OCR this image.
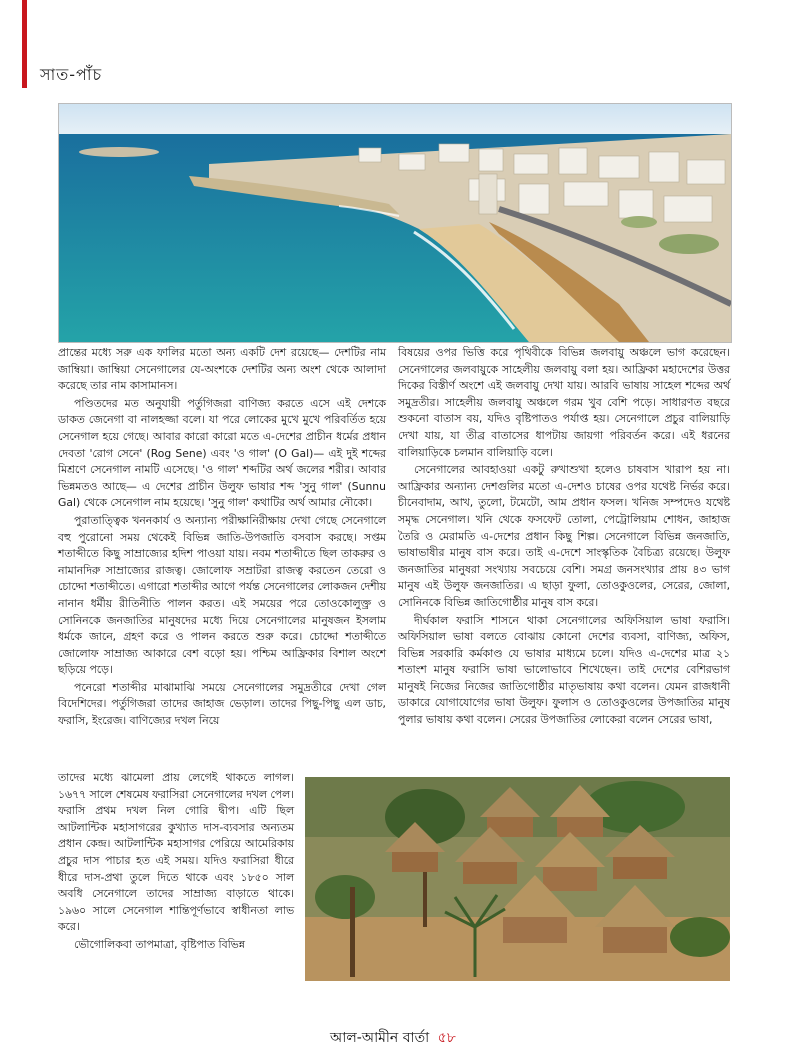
সাত-পাঁচ

প্রান্তের মধ্যে সরু এক ফালির মতো অন্য একটি দেশ রয়েছে— দেশটির নাম জাম্বিয়া। জাম্বিয়া সেনেগালের যে-অংশকে দেশটির অন্য অংশ থেকে আলাদা করেছে তার নাম কাসামানস।

পণ্ডিতদের মত অনুযায়ী পর্তুগিজরা বাণিজ্য করতে এসে এই দেশকে ডাকত জেনেগা বা নালহজ্জা বলে। যা পরে লোকের মুখে মুখে পরিবর্তিত হয়ে সেনেগাল হয়ে গেছে। আবার কারো কারো মতে এ-দেশের প্রাচীন ধর্মের প্রধান দেবতা 'রোগ সেনে' (Rog Sene) এবং 'ও গাল' (O Gal)— এই দুই শব্দের মিশ্রণে সেনেগাল নামটি এসেছে। 'ও গাল' শব্দটির অর্থ জলের শরীর। আবার ভিন্নমতও আছে— এ দেশের প্রাচীন উলুফ ভাষার শব্দ 'সুনু গাল' (Sunnu Gal) থেকে সেনেগাল নাম হয়েছে। 'সুনু গাল' কথাটির অর্থ আমার নৌকো।

পুরাতাত্ত্বিক খননকার্য ও অন্যান্য পরীক্ষানিরীক্ষায় দেখা গেছে সেনেগালে বহু পুরোনো সময় থেকেই বিভিন্ন জাতি-উপজাতি বসবাস করছে। সপ্তম শতাব্দীতে কিছু সাম্রাজ্যের হদিশ পাওয়া যায়। নবম শতাব্দীতে ছিল তাকরুর ও নামানদিরু সাম্রাজ্যের রাজত্ব। জোলোফ সম্রাটরা রাজত্ব করতেন তেরো ও চোদ্দো শতাব্দীতে। এগারো শতাব্দীর আগে পর্যন্ত সেনেগালের লোকজন দেশীয় নানান ধর্মীয় রীতিনীতি পালন করত। এই সময়ের পরে তোওকোলুক্ত্র ও সোনিনকে জনজাতির মানুষদের মধ্যে দিয়ে সেনেগালের মানুষজন ইসলাম ধর্মকে জানে, গ্রহণ করে ও পালন করতে শুরু করে। চোদ্দো শতাব্দীতে জোলোফ সাম্রাজ্য আকারে বেশ বড়ো হয়। পশ্চিম আফ্রিকার বিশাল অংশে ছড়িয়ে পড়ে।

পনেরো শতাব্দীর মাঝামাঝি সময়ে সেনেগালের সমুদ্রতীরে দেখা গেল বিদেশিদের। পর্তুগিজরা তাদের জাহাজ ভেড়াল। তাদের পিছু-পিছু এল ডাচ, ফরাসি, ইংরেজ। বাণিজ্যের দখল নিয়ে

তাদের মধ্যে ঝামেলা প্রায় লেগেই থাকতে লাগল। ১৬৭৭ সালে শেষমেষ ফরাসিরা সেনেগালের দখল পেল। ফরাসি প্রথম দখল নিল গোরি দ্বীপ। এটি ছিল আটলান্টিক মহাসাগরের কুখ্যাত দাস-ব্যবসার অন্যতম প্রধান কেন্দ্র। আটলান্টিক মহাসাগর পেরিয়ে আমেরিকায় প্রচুর দাস পাচার হত এই সময়। যদিও ফরাসিরা ধীরে ধীরে দাস-প্রথা তুলে দিতে থাকে এবং ১৮৫০ সাল অবধি সেনেগালে তাদের সাম্রাজ্য বাড়াতে থাকে। ১৯৬০ সালে সেনেগাল শান্তিপূর্ণভাবে স্বাধীনতা লাভ করে।

ভৌগোলিকবা তাপমাত্রা, বৃষ্টিপাত বিভিন্ন

বিষয়ের ওপর ভিত্তি করে পৃথিবীকে বিভিন্ন জলবায়ু অঞ্চলে ভাগ করেছেন। সেনেগালের জলবায়ুকে সাহেলীয় জলবায়ু বলা হয়। আফ্রিকা মহাদেশের উত্তর দিকের বিস্তীর্ণ অংশে এই জলবায়ু দেখা যায়। আরবি ভাষায় সাহেল শব্দের অর্থ সমুদ্রতীর। সাহেলীয় জলবায়ু অঞ্চলে গরম খুব বেশি পড়ে। সাধারণত বছরে শুকনো বাতাস বয়, যদিও বৃষ্টিপাতও পর্যাপ্ত হয়। সেনেগালে প্রচুর বালিয়াড়ি দেখা যায়, যা তীব্র বাতাসের ধাপটায় জায়গা পরিবর্তন করে। এই ধরনের বালিয়াড়িকে চলমান বালিয়াড়ি বলে।

সেনেগালের আবহাওয়া একটু রুখাশুখা হলেও চাষবাস খারাপ হয় না। আফ্রিকার অন্যান্য দেশগুলির মতো এ-দেশও চাষের ওপর যথেষ্ট নির্ভর করে। চীনেবাদাম, আখ, তুলো, টমেটো, আম প্রধান ফসল। খনিজ সম্পদেও যথেষ্ট সমৃদ্ধ সেনেগাল। খনি থেকে ফসফেট তোলা, পেট্রোলিয়াম শোধন, জাহাজ তৈরি ও মেরামতি এ-দেশের প্রধান কিছু শিল্প। সেনেগালে বিভিন্ন জনজাতি, ভাষাভাষীর মানুষ বাস করে। তাই এ-দেশে সাংস্কৃতিক বৈচিত্র্য রয়েছে। উলুফ জনজাতির মানুষরা সংখ্যায় সবচেয়ে বেশি। সমগ্র জনসংখ্যার প্রায় ৪৩ ভাগ মানুষ এই উলুফ জনজাতির। এ ছাড়া ফুলা, তোওকুওলের, সেরের, জোলা, সোনিনকে বিভিন্ন জাতিগোষ্ঠীর মানুষ বাস করে।

দীর্ঘকাল ফরাসি শাসনে থাকা সেনেগালের অফিসিয়াল ভাষা ফরাসি। অফিসিয়াল ভাষা বলতে বোঝায় কোনো দেশের ব্যবসা, বাণিজ্য, অফিস, বিভিন্ন সরকারি কর্মকাণ্ড যে ভাষার মাধ্যমে চলে। যদিও এ-দেশের মাত্র ২১ শতাংশ মানুষ ফরাসি ভাষা ভালোভাবে শিখেছেন। তাই দেশের বেশিরভাগ মানুষই নিজের নিজের জাতিগোষ্ঠীর মাতৃভাষায় কথা বলেন। যেমন রাজধানী ডাকারে যোগাযোগের ভাষা উলুফ। ফুলাস ও তোওকুওলের উপজাতির মানুষ পুলার ভাষায় কথা বলেন। সেরের উপজাতির লোকেরা বলেন সেরের ভাষা,

আল-আমীন বার্তা ৫৮
